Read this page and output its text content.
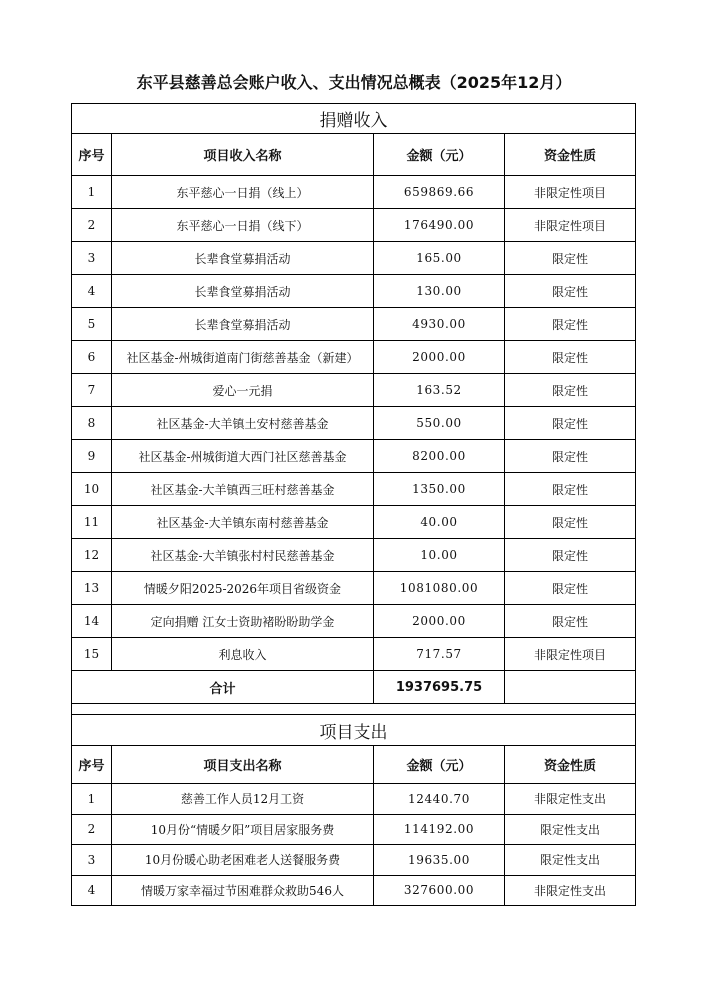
东平县慈善总会账户收入、支出情况总概表（2025年12月）
捐赠收入			
序号	项目收入名称	金额（元）	资金性质
1	东平慈心一日捐（线上）	659869.66	非限定性项目
2	东平慈心一日捐（线下）	176490.00	非限定性项目
3	长辈食堂募捐活动	165.00	限定性
4	长辈食堂募捐活动	130.00	限定性
5	长辈食堂募捐活动	4930.00	限定性
6	社区基金-州城街道南门街慈善基金（新建）	2000.00	限定性
7	爱心一元捐	163.52	限定性
8	社区基金-大羊镇土安村慈善基金	550.00	限定性
9	社区基金-州城街道大西门社区慈善基金	8200.00	限定性
10	社区基金-大羊镇西三旺村慈善基金	1350.00	限定性
11	社区基金-大羊镇东南村慈善基金	40.00	限定性
12	社区基金-大羊镇张村村民慈善基金	10.00	限定性
13	情暖夕阳2025-2026年项目省级资金	1081080.00	限定性
14	定向捐赠 江女士资助褚盼盼助学金	2000.00	限定性
15	利息收入	717.57	非限定性项目
合计		1937695.75	

项目支出			
序号	项目支出名称	金额（元）	资金性质
1	慈善工作人员12月工资	12440.70	非限定性支出
2	10月份“情暖夕阳”项目居家服务费	114192.00	限定性支出
3	10月份暖心助老困难老人送餐服务费	19635.00	限定性支出
4	情暖万家幸福过节困难群众救助546人	327600.00	非限定性支出
